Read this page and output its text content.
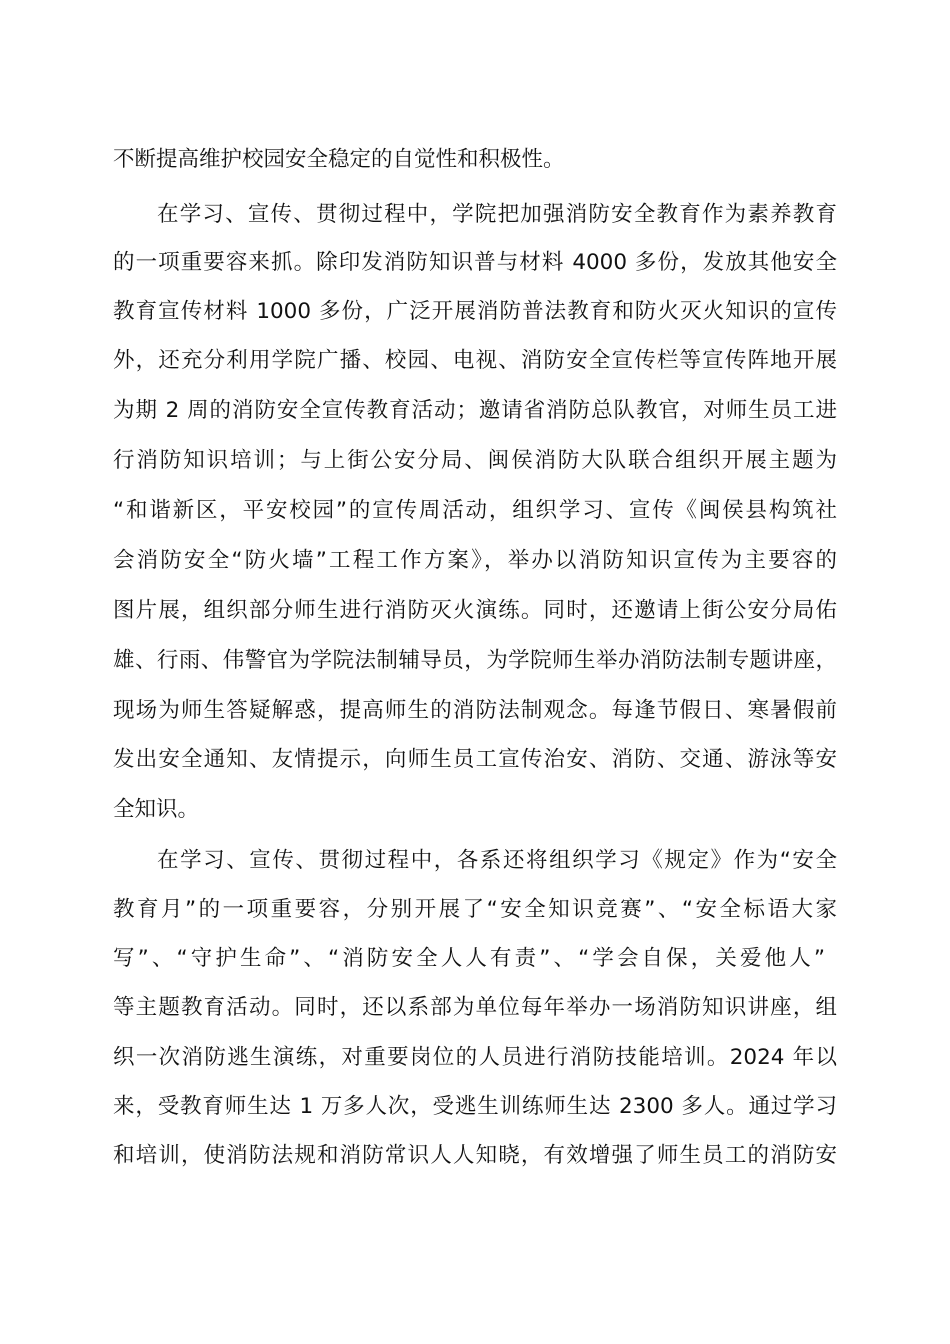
不断提高维护校园安全稳定的自觉性和积极性。
在学习、宣传、贯彻过程中，学院把加强消防安全教育作为素养教育
的一项重要容来抓。除印发消防知识普与材料 4000 多份，发放其他安全
教育宣传材料 1000 多份，广泛开展消防普法教育和防火灭火知识的宣传
外，还充分利用学院广播、校园、电视、消防安全宣传栏等宣传阵地开展
为期 2 周的消防安全宣传教育活动；邀请省消防总队教官，对师生员工进
行消防知识培训；与上街公安分局、闽侯消防大队联合组织开展主题为
“和谐新区，平安校园”的宣传周活动，组织学习、宣传《闽侯县构筑社
会消防安全“防火墙”工程工作方案》，举办以消防知识宣传为主要容的
图片展，组织部分师生进行消防灭火演练。同时，还邀请上街公安分局佑
雄、行雨、伟警官为学院法制辅导员，为学院师生举办消防法制专题讲座，
现场为师生答疑解惑，提高师生的消防法制观念。每逢节假日、寒暑假前
发出安全通知、友情提示，向师生员工宣传治安、消防、交通、游泳等安
全知识。
在学习、宣传、贯彻过程中，各系还将组织学习《规定》作为“安全
教育月”的一项重要容，分别开展了“安全知识竞赛”、“安全标语大家
写”、“守护生命”、“消防安全人人有责”、“学会自保，关爱他人”
等主题教育活动。同时，还以系部为单位每年举办一场消防知识讲座，组
织一次消防逃生演练，对重要岗位的人员进行消防技能培训。2024 年以
来，受教育师生达 1 万多人次，受逃生训练师生达 2300 多人。通过学习
和培训，使消防法规和消防常识人人知晓，有效增强了师生员工的消防安
